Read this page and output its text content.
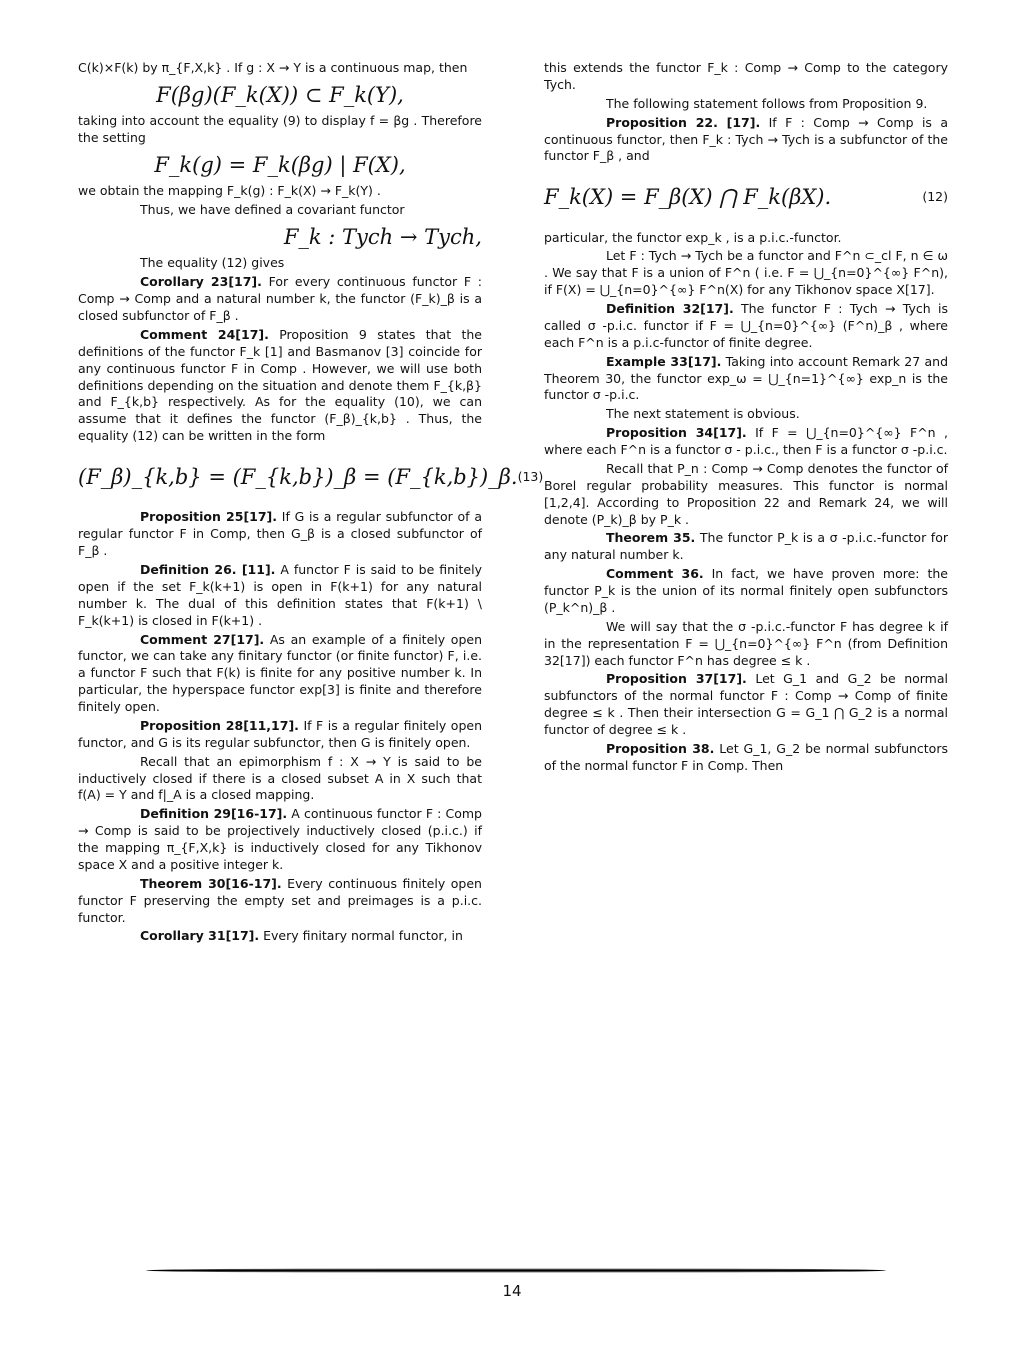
C(k)×F(k) by π_{F,X,k} . If g : X → Y is a continuous map, then

F(βg)(F_k(X)) ⊂ F_k(Y),

taking into account the equality (9) to display f = βg . Therefore the setting

F_k(g) = F_k(βg) | F(X),

we obtain the mapping F_k(g) : F_k(X) → F_k(Y) .

Thus, we have defined a covariant functor

F_k : Tych → Tych,

The equality (12) gives

Corollary 23[17]. For every continuous functor F : Comp → Comp and a natural number k, the functor (F_k)_β is a closed subfunctor of F_β .

Comment 24[17]. Proposition 9 states that the definitions of the functor F_k [1] and Basmanov [3] coincide for any continuous functor F in Comp . However, we will use both definitions depending on the situation and denote them F_{k,β} and F_{k,b} respectively. As for the equality (10), we can assume that it defines the functor (F_β)_{k,b} . Thus, the equality (12) can be written in the form

(F_β)_{k,b} = (F_{k,b})_β = (F_{k,b})_β. (13)

Proposition 25[17]. If G is a regular subfunctor of a regular functor F in Comp, then G_β is a closed subfunctor of F_β .

Definition 26. [11]. A functor F is said to be finitely open if the set F_k(k+1) is open in F(k+1) for any natural number k. The dual of this definition states that F(k+1) \ F_k(k+1) is closed in F(k+1) .

Comment 27[17]. As an example of a finitely open functor, we can take any finitary functor (or finite functor) F, i.e. a functor F such that F(k) is finite for any positive number k. In particular, the hyperspace functor exp[3] is finite and therefore finitely open.

Proposition 28[11,17]. If F is a regular finitely open functor, and G is its regular subfunctor, then G is finitely open.

Recall that an epimorphism f : X → Y is said to be inductively closed if there is a closed subset A in X such that f(A) = Y and f|_A is a closed mapping.

Definition 29[16-17]. A continuous functor F : Comp → Comp is said to be projectively inductively closed (p.i.c.) if the mapping π_{F,X,k} is inductively closed for any Tikhonov space X and a positive integer k.

Theorem 30[16-17]. Every continuous finitely open functor F preserving the empty set and preimages is a p.i.c. functor.

Corollary 31[17]. Every finitary normal functor, in

this extends the functor F_k : Comp → Comp to the category Tych.

The following statement follows from Proposition 9.

Proposition 22. [17]. If F : Comp → Comp is a continuous functor, then F_k : Tych → Tych is a subfunctor of the functor F_β , and

F_k(X) = F_β(X) ⋂ F_k(βX).	(12)

particular, the functor exp_k , is a p.i.c.-functor.

Let F : Tych → Tych be a functor and F^n ⊂_cl F, n ∈ ω . We say that F is a union of F^n ( i.e. F = ⋃_{n=0}^{∞} F^n), if F(X) = ⋃_{n=0}^{∞} F^n(X) for any Tikhonov space X[17].

Definition 32[17]. The functor F : Tych → Tych is called σ -p.i.c. functor if F = ⋃_{n=0}^{∞} (F^n)_β , where each F^n is a p.i.c-functor of finite degree.

Example 33[17]. Taking into account Remark 27 and Theorem 30, the functor exp_ω = ⋃_{n=1}^{∞} exp_n is the functor σ -p.i.c.

The next statement is obvious.

Proposition 34[17]. If F = ⋃_{n=0}^{∞} F^n , where each F^n is a functor σ - p.i.c., then F is a functor σ -p.i.c.

Recall that P_n : Comp → Comp denotes the functor of Borel regular probability measures. This functor is normal [1,2,4]. According to Proposition 22 and Remark 24, we will denote (P_k)_β by P_k .

Theorem 35. The functor P_k is a σ -p.i.c.-functor for any natural number k.

Comment 36. In fact, we have proven more: the functor P_k is the union of its normal finitely open subfunctors (P_k^n)_β .

We will say that the σ -p.i.c.-functor F has degree k if in the representation F = ⋃_{n=0}^{∞} F^n (from Definition 32[17]) each functor F^n has degree ≤ k .

Proposition 37[17]. Let G_1 and G_2 be normal subfunctors of the normal functor F : Comp → Comp of finite degree ≤ k . Then their intersection G = G_1 ⋂ G_2 is a normal functor of degree ≤ k .

Proposition 38. Let G_1, G_2 be normal subfunctors of the normal functor F in Comp. Then

14
